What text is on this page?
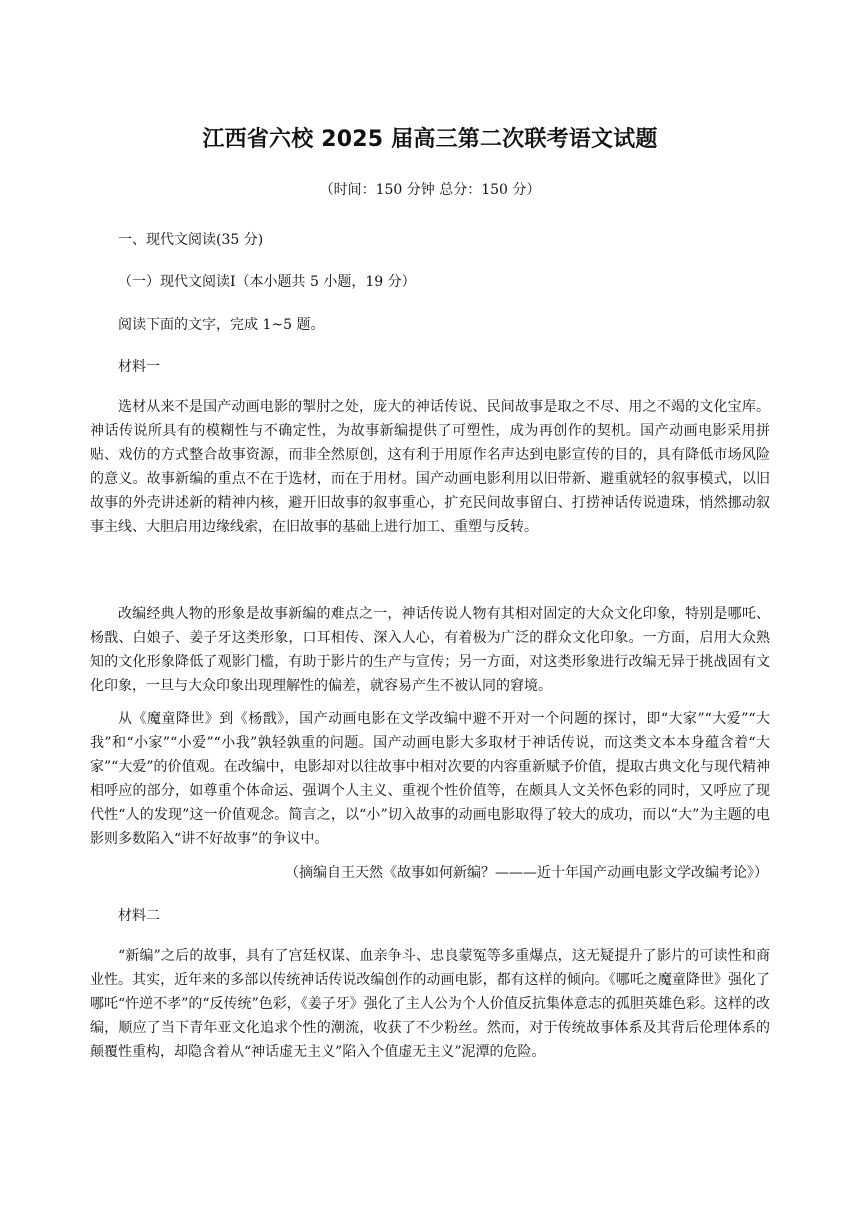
江西省六校 2025 届高三第二次联考语文试题
（时间：150 分钟 总分：150 分）
一、现代文阅读(35 分)
（一）现代文阅读Ⅰ（本小题共 5 小题，19 分）
阅读下面的文字，完成 1~5 题。
材料一
选材从来不是国产动画电影的掣肘之处，庞大的神话传说、民间故事是取之不尽、用之不竭的文化宝库。神话传说所具有的模糊性与不确定性，为故事新编提供了可塑性，成为再创作的契机。国产动画电影采用拼贴、戏仿的方式整合故事资源，而非全然原创，这有利于用原作名声达到电影宣传的目的，具有降低市场风险的意义。故事新编的重点不在于选材，而在于用材。国产动画电影利用以旧带新、避重就轻的叙事模式，以旧故事的外壳讲述新的精神内核，避开旧故事的叙事重心，扩充民间故事留白、打捞神话传说遗珠，悄然挪动叙事主线、大胆启用边缘线索，在旧故事的基础上进行加工、重塑与反转。
改编经典人物的形象是故事新编的难点之一，神话传说人物有其相对固定的大众文化印象，特别是哪吒、杨戬、白娘子、姜子牙这类形象，口耳相传、深入人心，有着极为广泛的群众文化印象。一方面，启用大众熟知的文化形象降低了观影门槛，有助于影片的生产与宣传；另一方面，对这类形象进行改编无异于挑战固有文化印象，一旦与大众印象出现理解性的偏差，就容易产生不被认同的窘境。
从《魔童降世》到《杨戬》，国产动画电影在文学改编中避不开对一个问题的探讨，即“大家”“大爱”“大我”和“小家”“小爱”“小我”孰轻孰重的问题。国产动画电影大多取材于神话传说，而这类文本本身蕴含着“大家”“大爱”的价值观。在改编中，电影却对以往故事中相对次要的内容重新赋予价值，提取古典文化与现代精神相呼应的部分，如尊重个体命运、强调个人主义、重视个性价值等，在颇具人文关怀色彩的同时，又呼应了现代性“人的发现”这一价值观念。简言之，以“小”切入故事的动画电影取得了较大的成功，而以“大”为主题的电影则多数陷入“讲不好故事”的争议中。
（摘编自王天然《故事如何新编？———近十年国产动画电影文学改编考论》）
材料二
“新编”之后的故事，具有了宫廷权谋、血亲争斗、忠良蒙冤等多重爆点，这无疑提升了影片的可读性和商业性。其实，近年来的多部以传统神话传说改编创作的动画电影，都有这样的倾向。《哪吒之魔童降世》强化了哪吒“忤逆不孝”的“反传统”色彩，《姜子牙》强化了主人公为个人价值反抗集体意志的孤胆英雄色彩。这样的改编，顺应了当下青年亚文化追求个性的潮流，收获了不少粉丝。然而，对于传统故事体系及其背后伦理体系的颠覆性重构，却隐含着从“神话虚无主义”陷入个值虚无主义”泥潭的危险。
